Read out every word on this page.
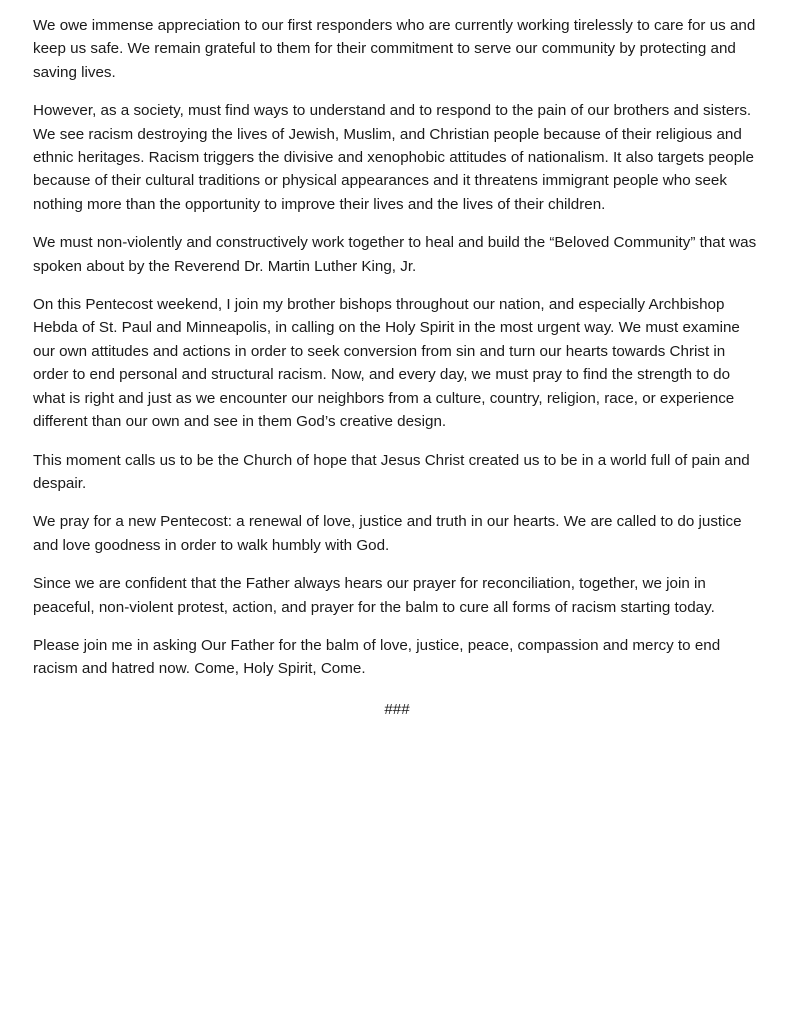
We owe immense appreciation to our first responders who are currently working tirelessly to care for us and keep us safe. We remain grateful to them for their commitment to serve our community by protecting and saving lives.

However, as a society, must find ways to understand and to respond to the pain of our brothers and sisters. We see racism destroying the lives of Jewish, Muslim, and Christian people because of their religious and ethnic heritages. Racism triggers the divisive and xenophobic attitudes of nationalism. It also targets people because of their cultural traditions or physical appearances and it threatens immigrant people who seek nothing more than the opportunity to improve their lives and the lives of their children.

We must non-violently and constructively work together to heal and build the “Beloved Community” that was spoken about by the Reverend Dr. Martin Luther King, Jr.

On this Pentecost weekend, I join my brother bishops throughout our nation, and especially Archbishop Hebda of St. Paul and Minneapolis, in calling on the Holy Spirit in the most urgent way. We must examine our own attitudes and actions in order to seek conversion from sin and turn our hearts towards Christ in order to end personal and structural racism. Now, and every day, we must pray to find the strength to do what is right and just as we encounter our neighbors from a culture, country, religion, race, or experience different than our own and see in them God’s creative design.

This moment calls us to be the Church of hope that Jesus Christ created us to be in a world full of pain and despair.

We pray for a new Pentecost: a renewal of love, justice and truth in our hearts. We are called to do justice and love goodness in order to walk humbly with God.

Since we are confident that the Father always hears our prayer for reconciliation, together, we join in peaceful, non-violent protest, action, and prayer for the balm to cure all forms of racism starting today.

Please join me in asking Our Father for the balm of love, justice, peace, compassion and mercy to end racism and hatred now. Come, Holy Spirit, Come.

###
